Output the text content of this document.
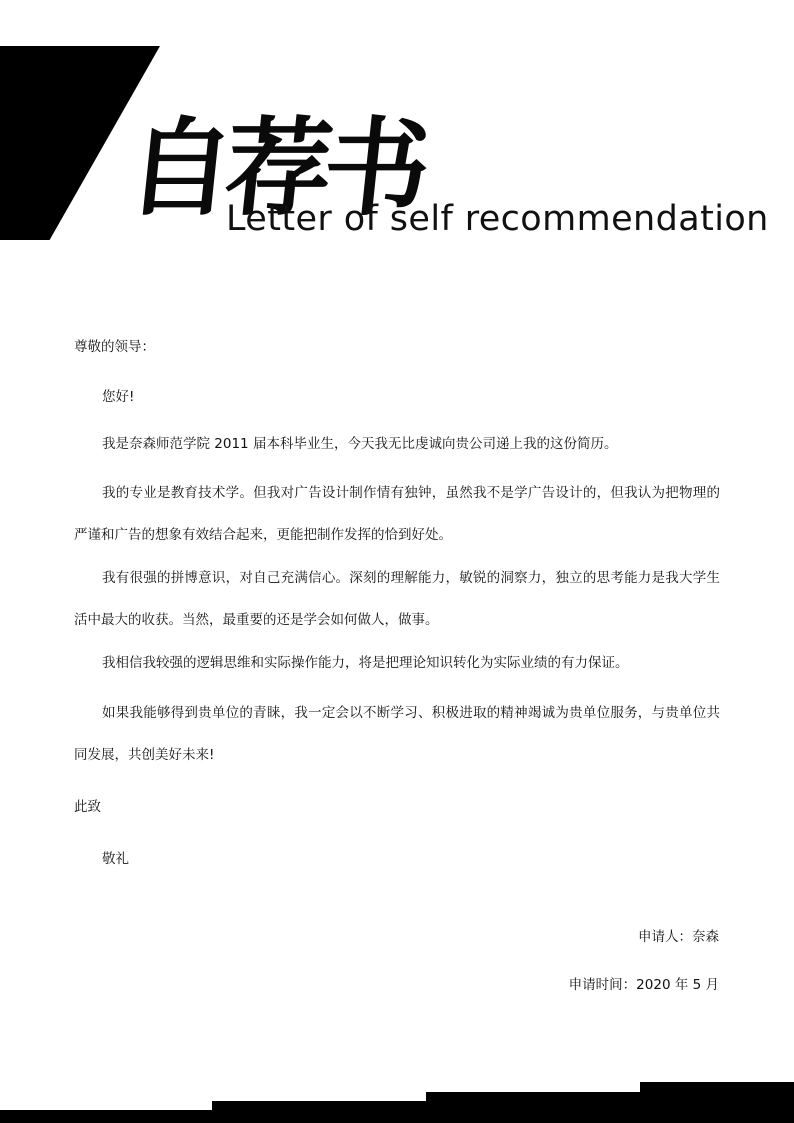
自荐书
Letter of self recommendation
尊敬的领导：
您好!
我是奈森师范学院 2011 届本科毕业生，今天我无比虔诚向贵公司递上我的这份简历。
我的专业是教育技术学。但我对广告设计制作情有独钟，虽然我不是学广告设计的，但我认为把物理的严谨和广告的想象有效结合起来，更能把制作发挥的恰到好处。
我有很强的拼博意识，对自己充满信心。深刻的理解能力，敏锐的洞察力，独立的思考能力是我大学生活中最大的收获。当然，最重要的还是学会如何做人，做事。
我相信我较强的逻辑思维和实际操作能力，将是把理论知识转化为实际业绩的有力保证。
如果我能够得到贵单位的青睐，我一定会以不断学习、积极进取的精神竭诚为贵单位服务，与贵单位共同发展，共创美好未来!
此致
敬礼
申请人：奈森
申请时间：2020 年 5 月
